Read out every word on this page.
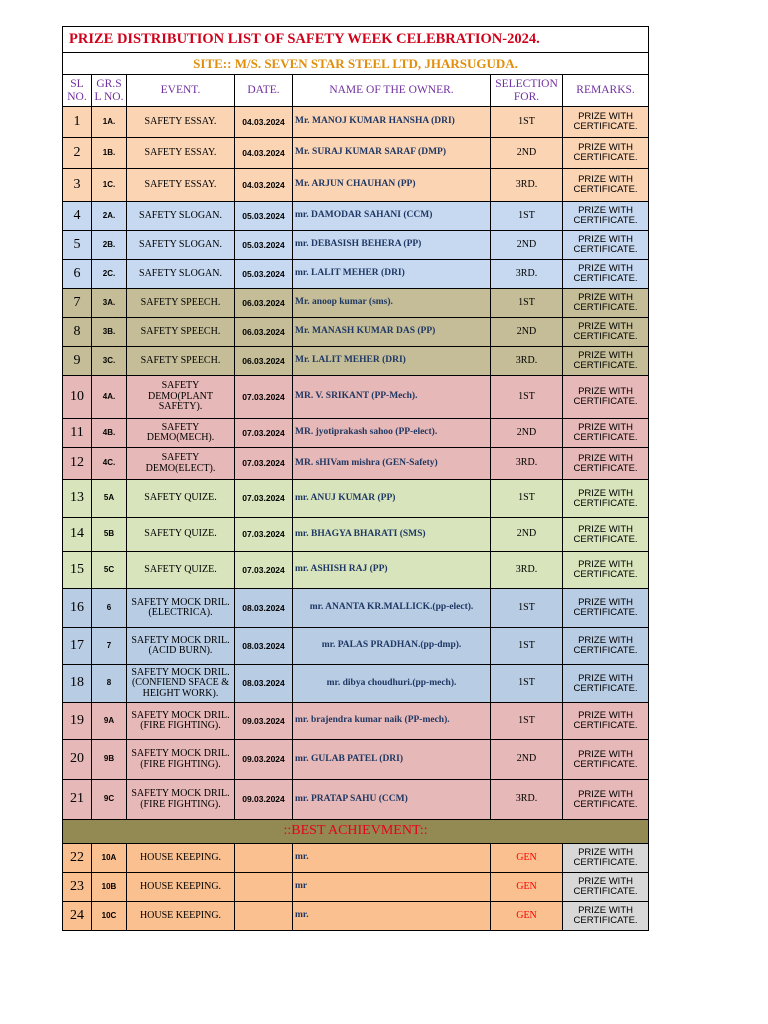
PRIZE DISTRIBUTION LIST OF SAFETY WEEK CELEBRATION-2024.						
SITE:: M/S. SEVEN STAR STEEL LTD, JHARSUGUDA.						
SL NO.	GR.S L NO.	EVENT.	DATE.	NAME OF THE OWNER.	SELECTION FOR.	REMARKS.
1	1A.	SAFETY ESSAY.	04.03.2024	Mr. MANOJ KUMAR HANSHA (DRI)	1ST	PRIZE WITH CERTIFICATE.
2	1B.	SAFETY ESSAY.	04.03.2024	Mr. SURAJ KUMAR SARAF (DMP)	2ND	PRIZE WITH CERTIFICATE.
3	1C.	SAFETY ESSAY.	04.03.2024	Mr. ARJUN CHAUHAN (PP)	3RD.	PRIZE WITH CERTIFICATE.
4	2A.	SAFETY SLOGAN.	05.03.2024	mr. DAMODAR SAHANI (CCM)	1ST	PRIZE WITH CERTIFICATE.
5	2B.	SAFETY SLOGAN.	05.03.2024	mr. DEBASISH BEHERA (PP)	2ND	PRIZE WITH CERTIFICATE.
6	2C.	SAFETY SLOGAN.	05.03.2024	mr. LALIT MEHER (DRI)	3RD.	PRIZE WITH CERTIFICATE.
7	3A.	SAFETY SPEECH.	06.03.2024	Mr. anoop kumar (sms).	1ST	PRIZE WITH CERTIFICATE.
8	3B.	SAFETY SPEECH.	06.03.2024	Mr. MANASH KUMAR DAS (PP)	2ND	PRIZE WITH CERTIFICATE.
9	3C.	SAFETY SPEECH.	06.03.2024	Mr. LALIT MEHER (DRI)	3RD.	PRIZE WITH CERTIFICATE.
10	4A.	SAFETY DEMO(PLANT SAFETY).	07.03.2024	MR. V. SRIKANT (PP-Mech).	1ST	PRIZE WITH CERTIFICATE.
11	4B.	SAFETY DEMO(MECH).	07.03.2024	MR. jyotiprakash sahoo (PP-elect).	2ND	PRIZE WITH CERTIFICATE.
12	4C.	SAFETY DEMO(ELECT).	07.03.2024	MR. sHIVam mishra (GEN-Safety)	3RD.	PRIZE WITH CERTIFICATE.
13	5A	SAFETY QUIZE.	07.03.2024	mr. ANUJ KUMAR (PP)	1ST	PRIZE WITH CERTIFICATE.
14	5B	SAFETY QUIZE.	07.03.2024	mr. BHAGYA BHARATI (SMS)	2ND	PRIZE WITH CERTIFICATE.
15	5C	SAFETY QUIZE.	07.03.2024	mr. ASHISH RAJ (PP)	3RD.	PRIZE WITH CERTIFICATE.
16	6	SAFETY MOCK DRIL. (ELECTRICA).	08.03.2024	mr. ANANTA KR.MALLICK.(pp-elect).	1ST	PRIZE WITH CERTIFICATE.
17	7	SAFETY MOCK DRIL. (ACID BURN).	08.03.2024	mr. PALAS PRADHAN.(pp-dmp).	1ST	PRIZE WITH CERTIFICATE.
18	8	SAFETY MOCK DRIL. (CONFIEND SFACE & HEIGHT WORK).	08.03.2024	mr. dibya choudhuri.(pp-mech).	1ST	PRIZE WITH CERTIFICATE.
19	9A	SAFETY MOCK DRIL. (FIRE FIGHTING).	09.03.2024	mr. brajendra kumar naik (PP-mech).	1ST	PRIZE WITH CERTIFICATE.
20	9B	SAFETY MOCK DRIL. (FIRE FIGHTING).	09.03.2024	mr. GULAB PATEL (DRI)	2ND	PRIZE WITH CERTIFICATE.
21	9C	SAFETY MOCK DRIL. (FIRE FIGHTING).	09.03.2024	mr. PRATAP SAHU (CCM)	3RD.	PRIZE WITH CERTIFICATE.
::BEST ACHIEVMENT::						
22	10A	HOUSE KEEPING.		mr.	GEN	PRIZE WITH CERTIFICATE.
23	10B	HOUSE KEEPING.		mr	GEN	PRIZE WITH CERTIFICATE.
24	10C	HOUSE KEEPING.		mr.	GEN	PRIZE WITH CERTIFICATE.
